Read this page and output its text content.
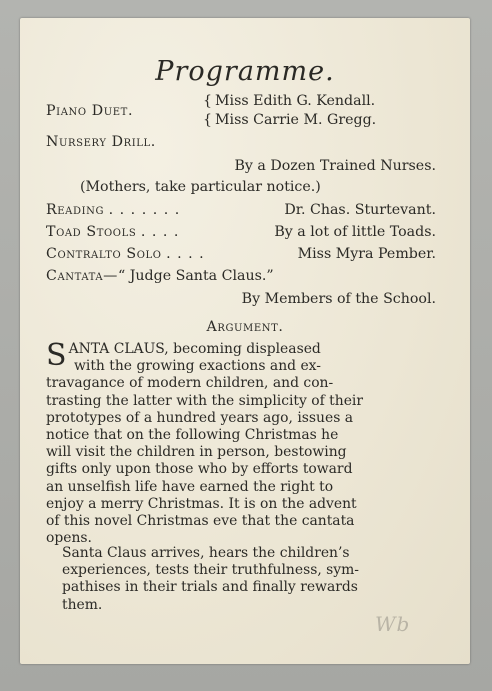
Programme.
Piano Duet.
{ Miss Edith G. Kendall.
{ Miss Carrie M. Gregg.
Nursery Drill.
By a Dozen Trained Nurses.
(Mothers, take particular notice.)
Reading . . . . . . .	Dr. Chas. Sturtevant.
Toad Stools . . . .	By a lot of little Toads.
Contralto Solo . . . .	Miss Myra Pember.
Cantata—“ Judge Santa Claus.”
By Members of the School.
Argument.
S ANTA CLAUS, becoming displeased
with the growing exactions and ex-
travagance of modern children, and con-
trasting the latter with the simplicity of their
prototypes of a hundred years ago, issues a
notice that on the following Christmas he
will visit the children in person, bestowing
gifts only upon those who by efforts toward
an unselfish life have earned the right to
enjoy a merry Christmas. It is on the advent
of this novel Christmas eve that the cantata
opens.
Santa Claus arrives, hears the children’s
experiences, tests their truthfulness, sym-
pathises in their trials and finally rewards
them.
Wb
